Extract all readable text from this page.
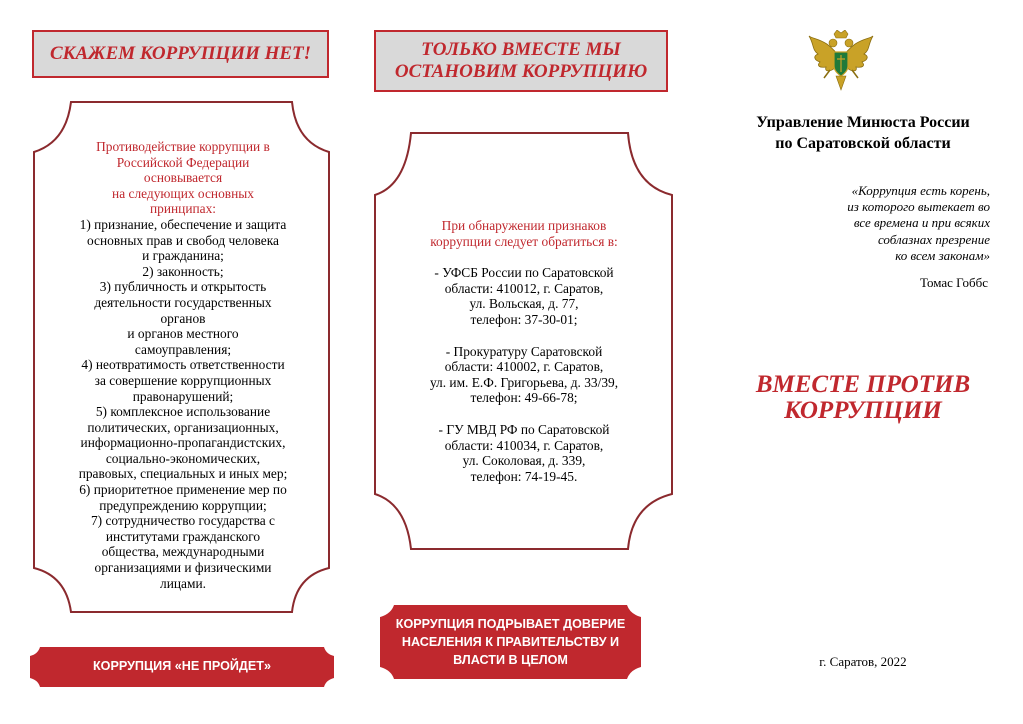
СКАЖЕМ КОРРУПЦИИ НЕТ!
Противодействие коррупции в
Российской Федерации
основывается
на следующих основных
принципах:
1) признание, обеспечение и защита
основных прав и свобод человека
и гражданина;
2) законность;
3) публичность и открытость
деятельности государственных
органов
и органов местного
самоуправления;
4) неотвратимость ответственности
за совершение коррупционных
правонарушений;
5) комплексное использование
политических, организационных,
информационно-пропагандистских,
социально-экономических,
правовых, специальных и иных мер;
6) приоритетное применение мер по
предупреждению коррупции;
7) сотрудничество государства с
институтами гражданского
общества, международными
организациями и физическими
лицами.
КОРРУПЦИЯ «НЕ ПРОЙДЕТ»
ТОЛЬКО ВМЕСТЕ МЫ
ОСТАНОВИМ КОРРУПЦИЮ
При обнаружении признаков
коррупции следует обратиться в:
- УФСБ России по Саратовской
области: 410012, г. Саратов,
ул. Вольская, д. 77,
телефон: 37-30-01;
- Прокуратуру Саратовской
области: 410002, г. Саратов,
ул. им. Е.Ф. Григорьева, д. 33/39,
телефон: 49-66-78;
- ГУ МВД РФ по Саратовской
области: 410034, г. Саратов,
ул. Соколовая, д. 339,
телефон: 74-19-45.
КОРРУПЦИЯ ПОДРЫВАЕТ ДОВЕРИЕ
НАСЕЛЕНИЯ К ПРАВИТЕЛЬСТВУ И
ВЛАСТИ В ЦЕЛОМ
Управление Минюста России
по Саратовской области
«Коррупция есть корень,
из которого вытекает во
все времена и при всяких
соблазнах презрение
ко всем законам»
Томас Гоббс
ВМЕСТЕ ПРОТИВ
КОРРУПЦИИ
г. Саратов, 2022
